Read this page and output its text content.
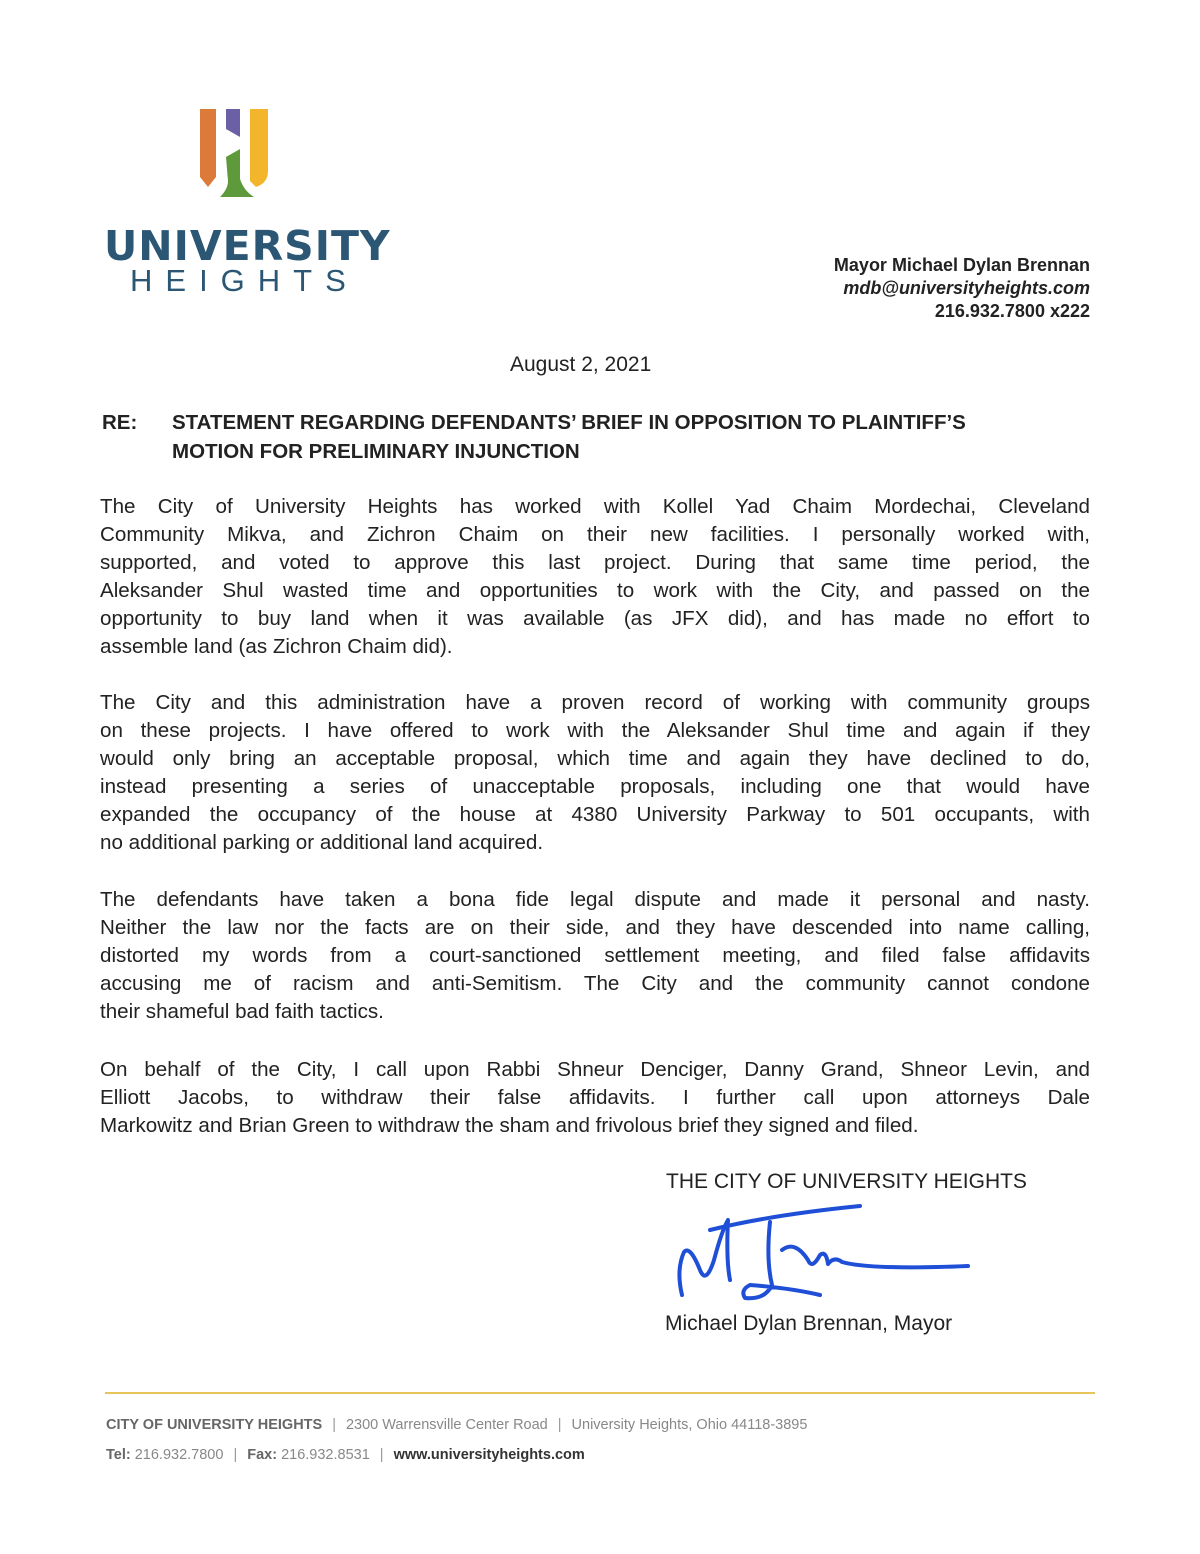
UNIVERSITY
HEIGHTS	Mayor Michael Dylan Brennan
mdb@universityheights.com
216.932.7800 x222
August 2, 2021
RE: STATEMENT REGARDING DEFENDANTS’ BRIEF IN OPPOSITION TO PLAINTIFF’S
MOTION FOR PRELIMINARY INJUNCTION
The City of University Heights has worked with Kollel Yad Chaim Mordechai, Cleveland
Community Mikva, and Zichron Chaim on their new facilities. I personally worked with,
supported, and voted to approve this last project. During that same time period, the
Aleksander Shul wasted time and opportunities to work with the City, and passed on the
opportunity to buy land when it was available (as JFX did), and has made no effort to
assemble land (as Zichron Chaim did).
The City and this administration have a proven record of working with community groups
on these projects. I have offered to work with the Aleksander Shul time and again if they
would only bring an acceptable proposal, which time and again they have declined to do,
instead presenting a series of unacceptable proposals, including one that would have
expanded the occupancy of the house at 4380 University Parkway to 501 occupants, with
no additional parking or additional land acquired.
The defendants have taken a bona fide legal dispute and made it personal and nasty.
Neither the law nor the facts are on their side, and they have descended into name calling,
distorted my words from a court-sanctioned settlement meeting, and filed false affidavits
accusing me of racism and anti-Semitism. The City and the community cannot condone
their shameful bad faith tactics.
On behalf of the City, I call upon Rabbi Shneur Denciger, Danny Grand, Shneor Levin, and
Elliott Jacobs, to withdraw their false affidavits. I further call upon attorneys Dale
Markowitz and Brian Green to withdraw the sham and frivolous brief they signed and filed.
THE CITY OF UNIVERSITY HEIGHTS
Michael Dylan Brennan, Mayor
CITY OF UNIVERSITY HEIGHTS | 2300 Warrensville Center Road | University Heights, Ohio 44118-3895
Tel: 216.932.7800 | Fax: 216.932.8531 | www.universityheights.com
